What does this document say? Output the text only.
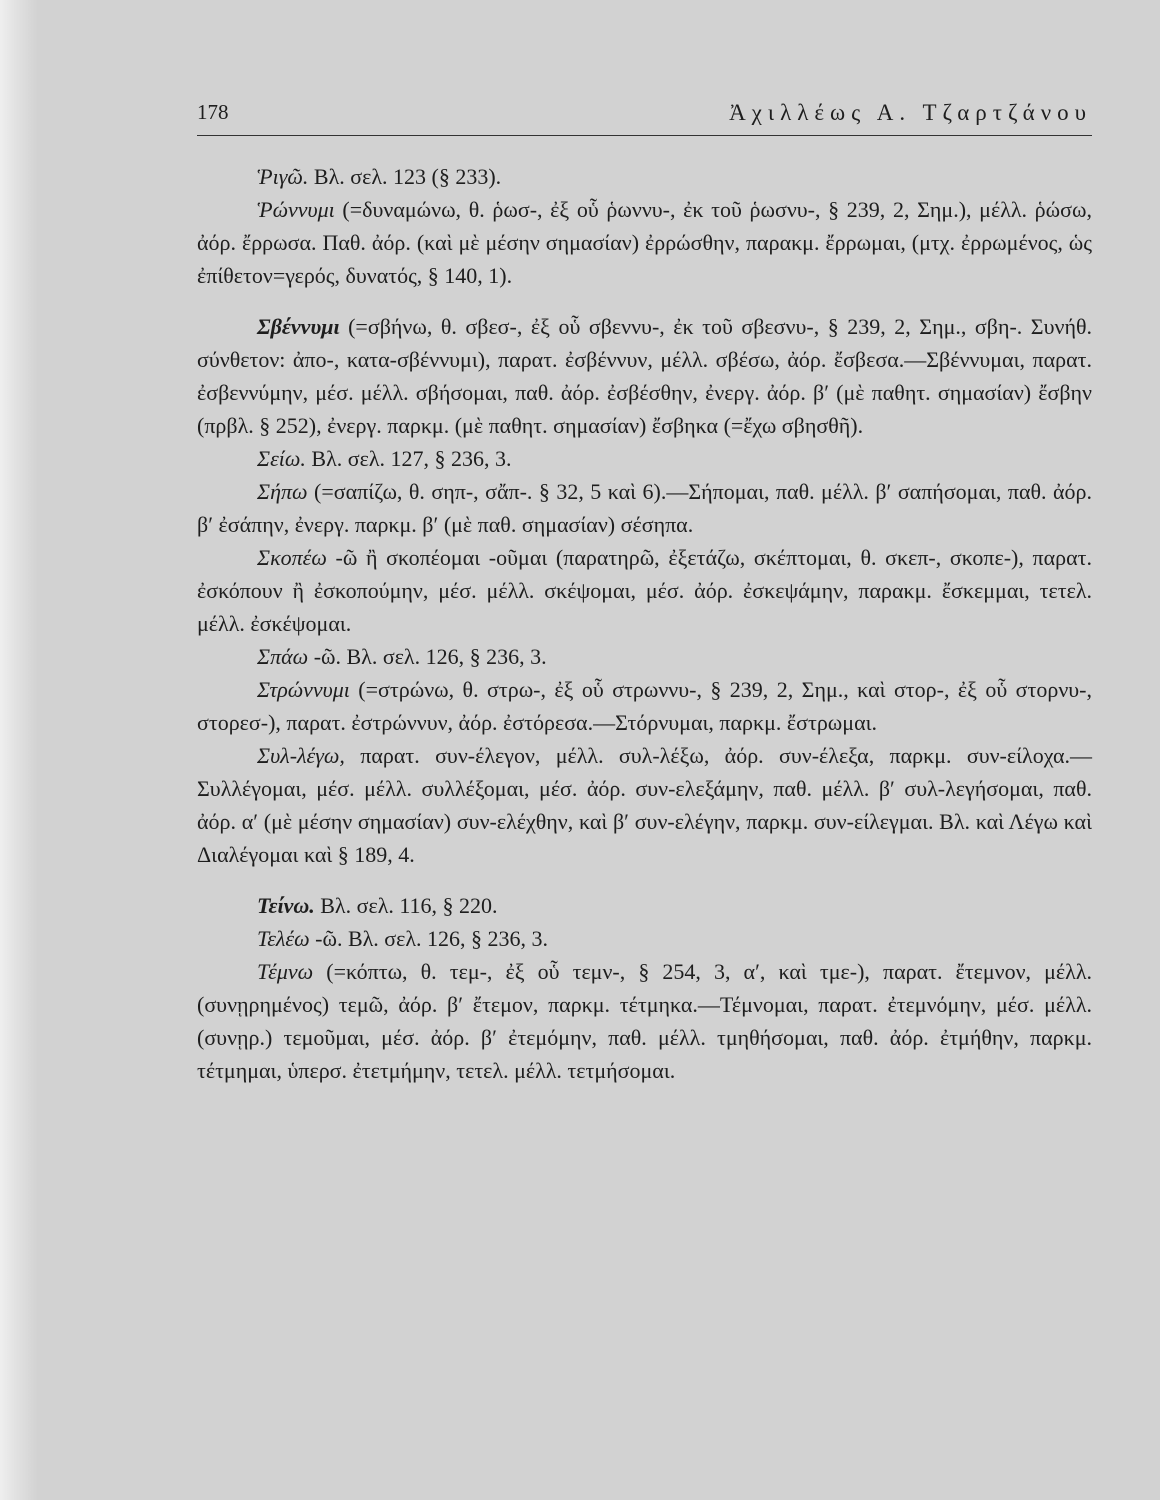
178	Ἀχιλλέως Α. Τζαρτζάνου

Ῥιγῶ. Βλ. σελ. 123 (§ 233).

Ῥώννυμι (=δυναμώνω, θ. ῥωσ-, ἐξ οὗ ῥωννυ-, ἐκ τοῦ ῥωσνυ-, § 239, 2, Σημ.), μέλλ. ῥώσω, ἀόρ. ἔρρωσα. Παθ. ἀόρ. (καὶ μὲ μέσην σημασίαν) ἐρρώσθην, παρακμ. ἔρρωμαι, (μτχ. ἐρρωμένος, ὡς ἐπίθετον=γερός, δυνατός, § 140, 1).

Σβέννυμι (=σβήνω, θ. σβεσ-, ἐξ οὗ σβεννυ-, ἐκ τοῦ σβεσνυ-, § 239, 2, Σημ., σβη-. Συνήθ. σύνθετον: ἀπο-, κατα-σβέννυμι), παρατ. ἐσβέννυν, μέλλ. σβέσω, ἀόρ. ἔσβεσα.—Σβέννυμαι, παρατ. ἐσβεννύμην, μέσ. μέλλ. σβήσομαι, παθ. ἀόρ. ἐσβέσθην, ἐνεργ. ἀόρ. β′ (μὲ παθητ. σημασίαν) ἔσβην (πρβλ. § 252), ἐνεργ. παρκμ. (μὲ παθητ. σημασίαν) ἔσβηκα (=ἔχω σβησθῆ).

Σείω. Βλ. σελ. 127, § 236, 3.

Σήπω (=σαπίζω, θ. σηπ-, σἄπ-. § 32, 5 καὶ 6).—Σήπομαι, παθ. μέλλ. β′ σαπήσομαι, παθ. ἀόρ. β′ ἐσάπην, ἐνεργ. παρκμ. β′ (μὲ παθ. σημασίαν) σέσηπα.

Σκοπέω -ῶ ἢ σκοπέομαι -οῦμαι (παρατηρῶ, ἐξετάζω, σκέπτομαι, θ. σκεπ-, σκοπε-), παρατ. ἐσκόπουν ἢ ἐσκοπούμην, μέσ. μέλλ. σκέψομαι, μέσ. ἀόρ. ἐσκεψάμην, παρακμ. ἔσκεμμαι, τετελ. μέλλ. ἐσκέψομαι.

Σπάω -ῶ. Βλ. σελ. 126, § 236, 3.

Στρώννυμι (=στρώνω, θ. στρω-, ἐξ οὗ στρωννυ-, § 239, 2, Σημ., καὶ στορ-, ἐξ οὗ στορνυ-, στορεσ-), παρατ. ἐστρώννυν, ἀόρ. ἐστόρεσα.—Στόρνυμαι, παρκμ. ἔστρωμαι.

Συλ-λέγω, παρατ. συν-έλεγον, μέλλ. συλ-λέξω, ἀόρ. συν-έλεξα, παρκμ. συν-είλοχα.—Συλλέγομαι, μέσ. μέλλ. συλλέξομαι, μέσ. ἀόρ. συν-ελεξάμην, παθ. μέλλ. β′ συλ-λεγήσομαι, παθ. ἀόρ. α′ (μὲ μέσην σημασίαν) συν-ελέχθην, καὶ β′ συν-ελέγην, παρκμ. συν-είλεγμαι. Βλ. καὶ Λέγω καὶ Διαλέγομαι καὶ § 189, 4.

Τείνω. Βλ. σελ. 116, § 220.

Τελέω -ῶ. Βλ. σελ. 126, § 236, 3.

Τέμνω (=κόπτω, θ. τεμ-, ἐξ οὗ τεμν-, § 254, 3, α′, καὶ τμε-), παρατ. ἔτεμνον, μέλλ. (συνῃρημένος) τεμῶ, ἀόρ. β′ ἔτεμον, παρκμ. τέτμηκα.—Τέμνομαι, παρατ. ἐτεμνόμην, μέσ. μέλλ. (συνῃρ.) τεμοῦμαι, μέσ. ἀόρ. β′ ἐτεμόμην, παθ. μέλλ. τμηθήσομαι, παθ. ἀόρ. ἐτμήθην, παρκμ. τέτμημαι, ὑπερσ. ἐτετμήμην, τετελ. μέλλ. τετμήσομαι.
